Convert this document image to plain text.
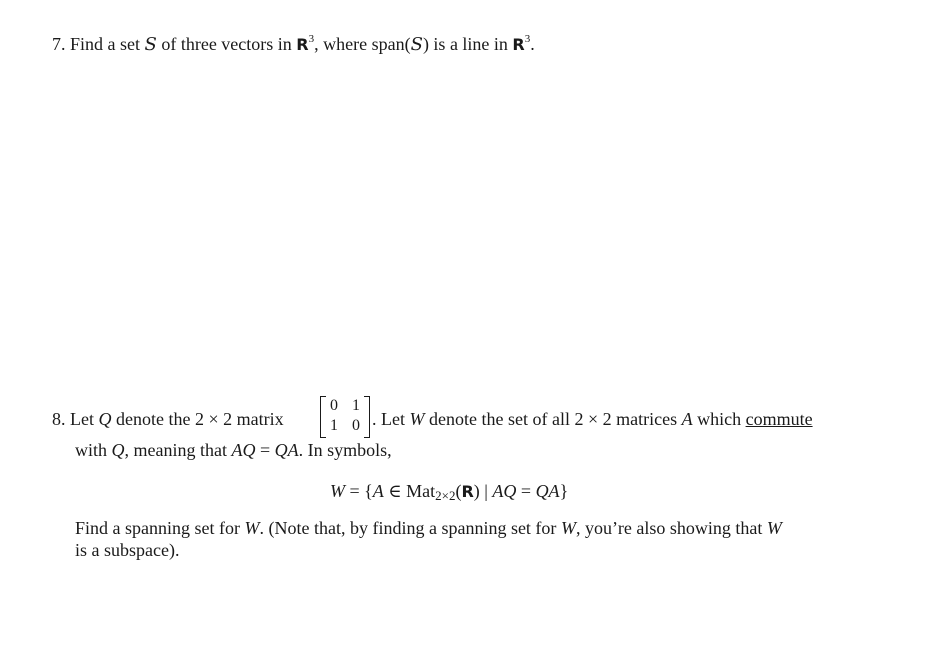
7. Find a set S of three vectors in $R^3$, where span(S) is a line in $R^3$.
8. Let Q denote the 2 × 2 matrix
0 1
1 0 . Let W denote the set of all 2 × 2 matrices A which commute
with Q, meaning that AQ = QA. In symbols,
W = {A ∈ Mat2×2(R) | AQ = QA}
Find a spanning set for W. (Note that, by finding a spanning set for W, you’re also showing that W
is a subspace).
